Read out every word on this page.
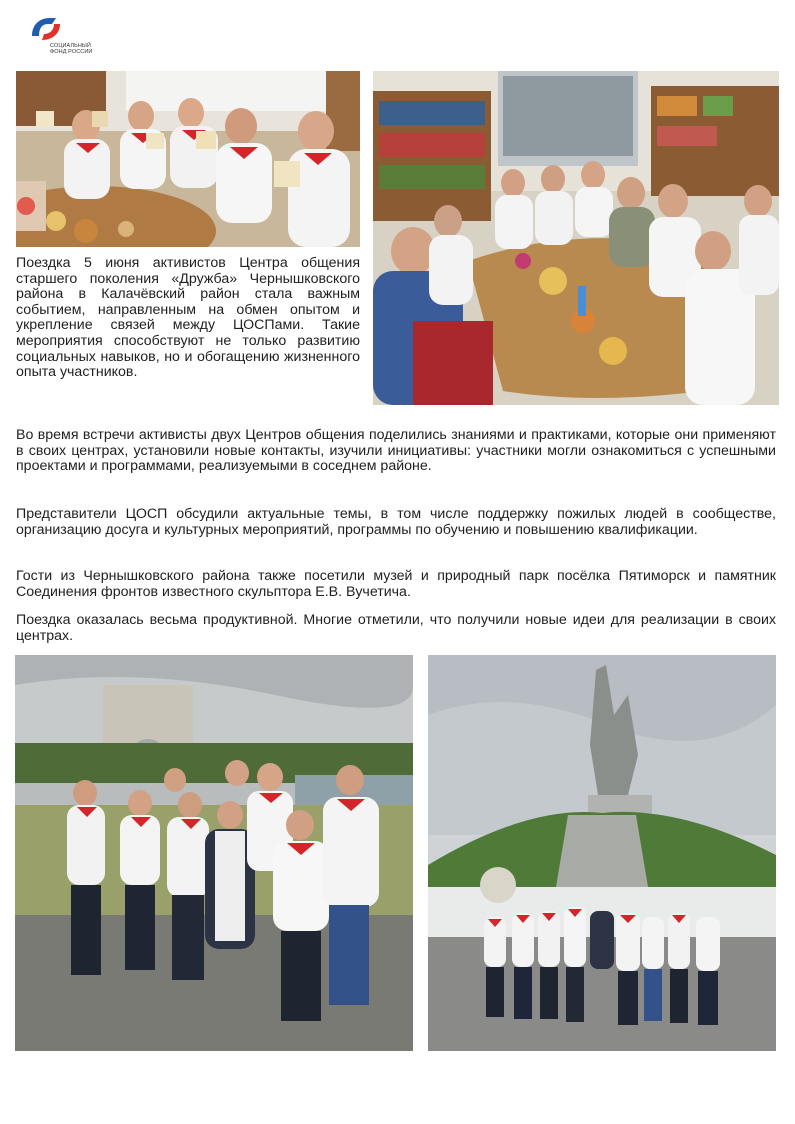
СОЦИАЛЬНЫЙ ФОНД РОССИИ

Поездка 5 июня активистов Центра общения старшего поколения «Дружба» Чернышковского района в Калачёвский район стала важным событием, направленным на обмен опытом и укрепление связей между ЦОСПами. Такие мероприятия способствуют не только развитию социальных навыков, но и обогащению жизненного опыта участников.

Во время встречи активисты двух Центров общения поделились знаниями и практиками, которые они применяют в своих центрах, установили новые контакты, изучили инициативы: участники могли ознакомиться с успешными проектами и программами, реализуемыми в соседнем районе.

Представители ЦОСП обсудили актуальные темы, в том числе поддержку пожилых людей в сообществе, организацию досуга и культурных мероприятий, программы по обучению и повышению квалификации.

Гости из Чернышковского района также посетили музей и природный парк посёлка Пятиморск и памятник Соединения фронтов известного скульптора Е.В. Вучетича.

Поездка оказалась весьма продуктивной. Многие отметили, что получили новые идеи для реализации в своих центрах.
